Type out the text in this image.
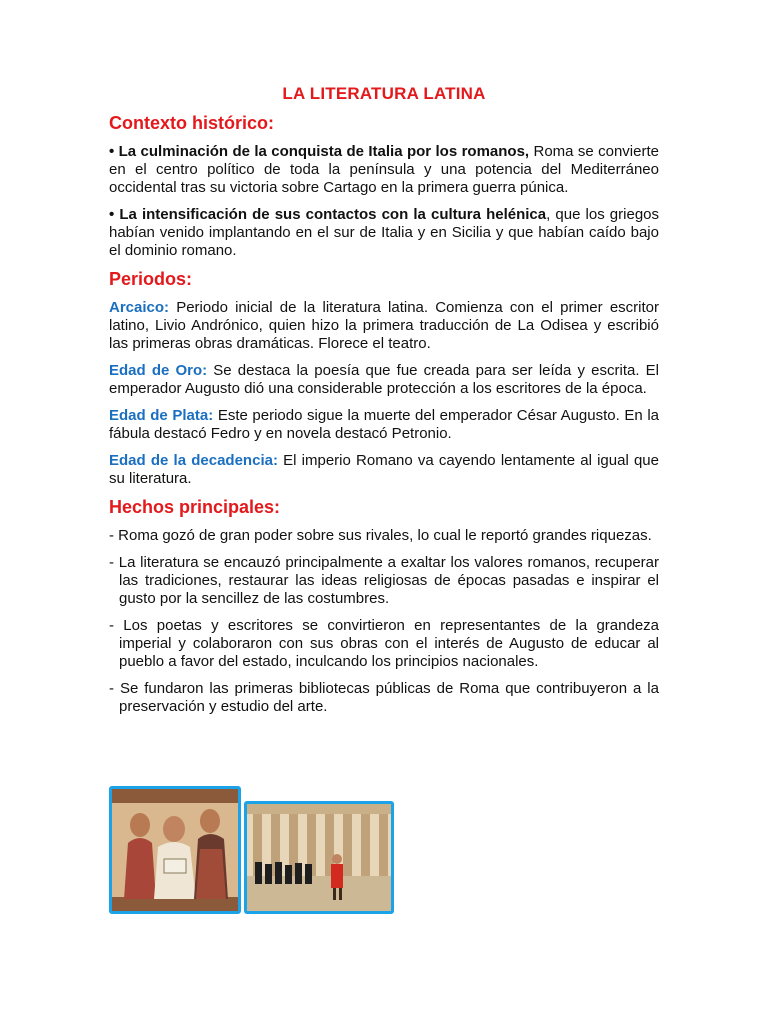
LA LITERATURA LATINA
Contexto histórico:

• La culminación de la conquista de Italia por los romanos, Roma se convierte en el centro político de toda la península y una potencia del Mediterráneo occidental tras su victoria sobre Cartago en la primera guerra púnica.

• La intensificación de sus contactos con la cultura helénica, que los griegos habían venido implantando en el sur de Italia y en Sicilia y que habían caído bajo el dominio romano.

Periodos:

Arcaico: Periodo inicial de la literatura latina. Comienza con el primer escritor latino, Livio Andrónico, quien hizo la primera traducción de La Odisea y escribió las primeras obras dramáticas. Florece el teatro.

Edad de Oro: Se destaca la poesía que fue creada para ser leída y escrita. El emperador Augusto dió una considerable protección a los escritores de la época.

Edad de Plata: Este periodo sigue la muerte del emperador César Augusto. En la fábula destacó Fedro y en novela destacó Petronio.

Edad de la decadencia: El imperio Romano va cayendo lentamente al igual que su literatura.

Hechos principales:

- Roma gozó de gran poder sobre sus rivales, lo cual le reportó grandes riquezas.

- La literatura se encauzó principalmente a exaltar los valores romanos, recuperar las tradiciones, restaurar las ideas religiosas de épocas pasadas e inspirar el gusto por la sencillez de las costumbres.

- Los poetas y escritores se convirtieron en representantes de la grandeza imperial y colaboraron con sus obras con el interés de Augusto de educar al pueblo a favor del estado, inculcando los principios nacionales.

- Se fundaron las primeras bibliotecas públicas de Roma que contribuyeron a la preservación y estudio del arte.
